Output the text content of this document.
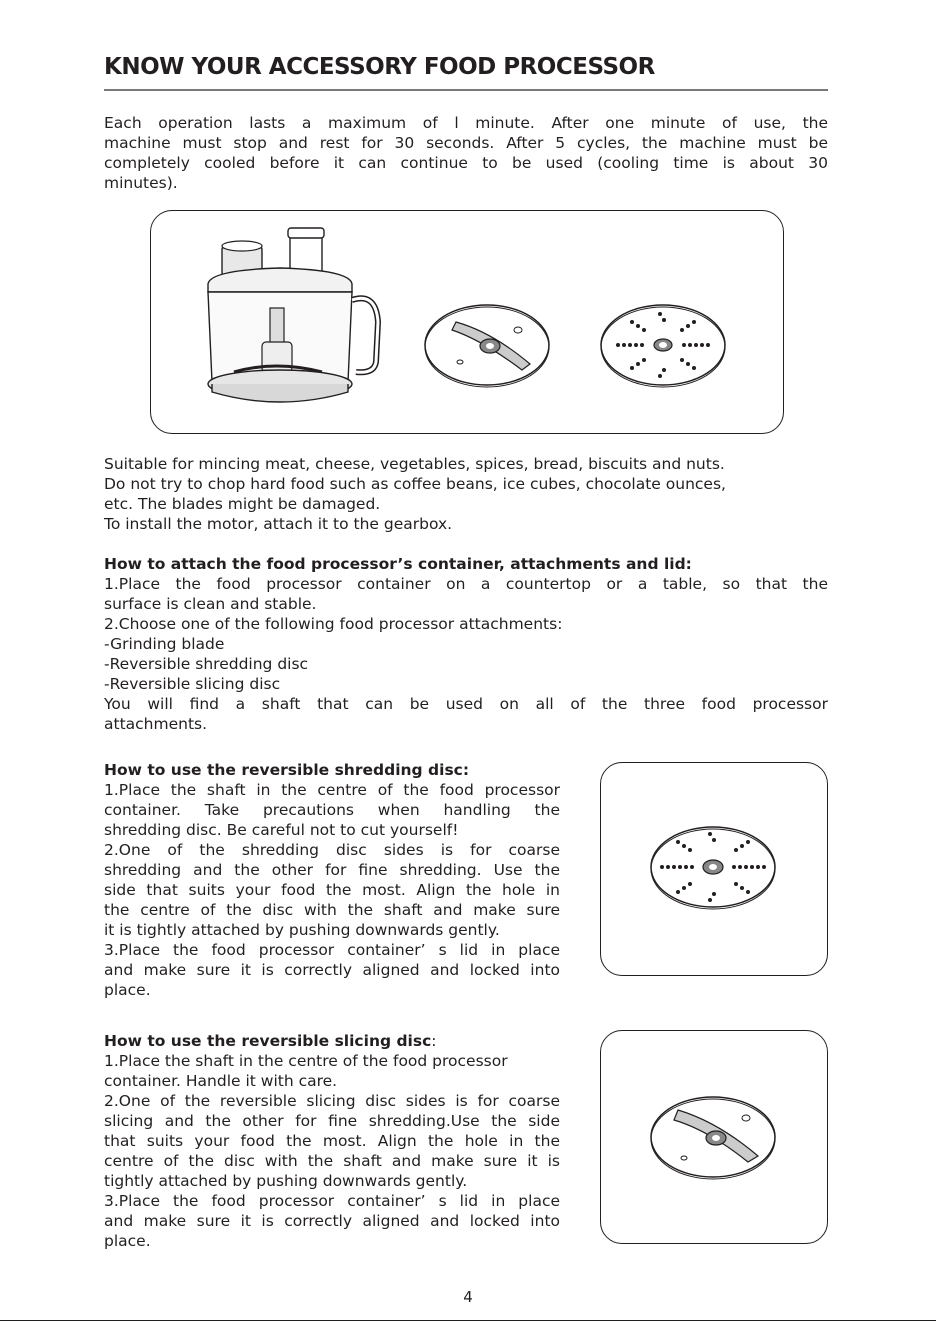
KNOW YOUR ACCESSORY FOOD PROCESSOR
Each operation lasts a maximum of l minute. After one minute of use, the
machine must stop and rest for 30 seconds. After 5 cycles, the machine must be
completely cooled before it can continue to be used (cooling time is about 30
minutes).
Suitable for mincing meat, cheese, vegetables, spices, bread, biscuits and nuts.
Do not try to chop hard food such as coffee beans, ice cubes, chocolate ounces,
etc. The blades might be damaged.
To install the motor, attach it to the gearbox.
How to attach the food processor’s container, attachments and lid:
1.Place the food processor container on a countertop or a table, so that the
surface is clean and stable.
2.Choose one of the following food processor attachments:
-Grinding blade
-Reversible shredding disc
-Reversible slicing disc
You will find a shaft that can be used on all of the three food processor
attachments.
How to use the reversible shredding disc:
1.Place the shaft in the centre of the food processor
container. Take precautions when handling the
shredding disc. Be careful not to cut yourself!
2.One of the shredding disc sides is for coarse
shredding and the other for fine shredding. Use the
side that suits your food the most. Align the hole in
the centre of the disc with the shaft and make sure
it is tightly attached by pushing downwards gently.
3.Place the food processor container’ s lid in place
and make sure it is correctly aligned and locked into
place.
How to use the reversible slicing disc:
1.Place the shaft in the centre of the food processor
container. Handle it with care.
2.One of the reversible slicing disc sides is for coarse
slicing and the other for fine shredding.Use the side
that suits your food the most. Align the hole in the
centre of the disc with the shaft and make sure it is
tightly attached by pushing downwards gently.
3.Place the food processor container’ s lid in place
and make sure it is correctly aligned and locked into
place.
4
